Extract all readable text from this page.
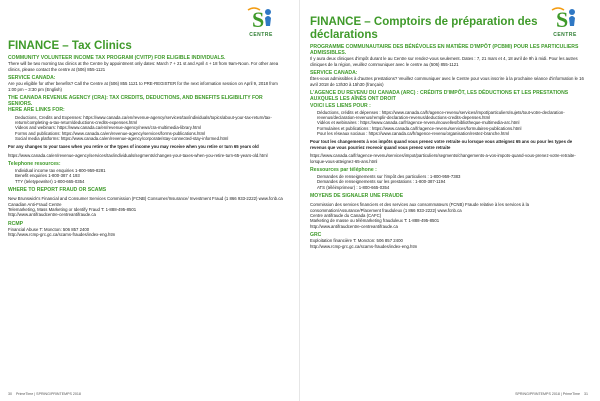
S
CENTRE
FINANCE – Tax Clinics
COMMUNITY VOLUNTEER INCOME TAX PROGRAM (CVITP) FOR ELIGIBLE INDIVIDUALS.

There will be two morning tax clinics at the Centre by appointment only dates: March 7 + 21 st and April 4 + 18 from 9am-Noon. For other area clinics, please contact the centre at (506) 855-1121

SERVICE CANADA:

Are you eligible for other benefits? Call the Centre at (506) 855 1121 to PRE-REGISTER for the next information session on April 9, 2018 from 1:00 pm – 3:30 pm (English)

THE CANADA REVENUE AGENCY (CRA): TAX CREDITS, DEDUCTIONS, AND BENEFITS ELIGIBILITY FOR SENIORS.
HERE ARE LINKS FOR:
• Deductions, Credits and Expenses: https://www.canada.ca/en/revenue-agency/services/tax/individuals/topics/about-your-tax-return/tax-return/completing-a-tax-return/deductions-credits-expenses.html
• Videos and webinars: https://www.canada.ca/en/revenue-agency/news/cra-multimedia-library.html
• Forms and publications: https://www.canada.ca/en/revenue-agency/services/forms-publications.html
• Social media platforms: https://www.canada.ca/en/revenue-agency/corporate/stay-connected-stay-informed.html

For any changes to your taxes when you retire or the types of income you may receive when you retire or turn 65 years old

https://www.canada.ca/en/revenue-agency/services/tax/individuals/segments/changes-your-taxes-when-you-retire-turn-65-years-old.html

Telephone resources:
• Individual income tax enquiries 1-800-959-8281
• Benefit enquiries 1-800-387 4 193
• TTY (teletypewriter) 1-800-665-0354
WHERE TO REPORT FRAUD OR SCAMS

New Brunswick's Financial and Consumer Services Commission (FCNB) Consumer/Insurance/ Investment Fraud (1 866 933-2222) www.fcnb.ca

Canadian Anti-Fraud Centre

Telemarketing, Mass Marketing or Identify Fraud T: 1-888-495-8501

http://www.antifraudcentre-centreantifraude.ca

RCMP

Financial Abuse T: Moncton: 506 857 2400

http://www.rcmp-grc.gc.ca/scams-fraudes/index-eng.htm

30 PrimeTime | SPRING/PRINTEMPS 2018
S
CENTRE
FINANCE – Comptoirs de préparation des déclarations
PROGRAMME COMMUNAUTAIRE DES BÉNÉVOLES EN MATIÈRE D'IMPÔT (PCBMI) POUR LES PARTICULIERS ADMISSIBLES.

Il y aura deux cliniques d'impôt durant le au Centre sur rendez-vous seulement. Dates : 7, 21 mars et 4, 18 avril de 9h à midi. Pour les autres cliniques de la région, veuillez communiquer avec le centre au (506) 855-1121

SERVICE CANADA:

Êtes-vous admissibles à d'autres prestations? Veuillez communiquer avec le Centre pour vous inscrire à la prochaine séance d'information le 16 avril 2018 de 13h30 à 15h30 (français)

L'AGENCE DU REVENU DU CANADA (ARC) : CRÉDITS D'IMPÔT, LES DÉDUCTIONS ET LES PRESTATIONS AUXQUELS LES AÎNÉS ONT DROIT
VOICI LES LIENS POUR :
• Déductions, crédits et dépenses : https://www.canada.ca/fr/agence-revenu/services/impot/particuliers/sujets/tout-votre-declaration-revenus/declaration-revenus/remplir-declaration-revenus/deductions-credits-depenses.html
• Vidéos et webinaires : https://www.canada.ca/fr/agence-revenu/nouvelles/bibliotheque-multimedia-arc.html
• Formulaires et publications : https://www.canada.ca/fr/agence-revenu/services/formulaires-publications.html
• Pour les réseaux sociaux : https://www.canada.ca/fr/agence-revenu/organisation/restez-branche.html

Pour tout les changements à vos impôts quand vous prenez votre retraite ou lorsque vous atteignez 65 ans ou pour les types de revenus que vous pourriez recevoir quand vous prenez votre retraite

https://www.canada.ca/fr/agence-revenu/services/impot/particuliers/segments/changements-a-vos-impots-quand-vous-prenez-votre-retraite-lorsque-vous-atteignez-65-ans.html

Ressources par téléphone :
• Demandes de renseignements sur l'impôt des particuliers : 1-800-959-7383
• Demandes de renseignements sur les prestations : 1-800-387-1194
• ATS (téléimprimeur) : 1-800-665-0354
MOYENS DE SIGNALER UNE FRAUDE

Commission des services financiers et des services aux consommateurs (FCNB) Fraude relative à les services à la consommation/Assurance/Placement frauduleux (1 866 933-2222) www.fcnb.ca

Centre antifraude du Canada (CAFC)

Marketing de masse ou télémarketing frauduleux T: 1-888-495-8501

http://www.antifraudcentre-centreantifraude.ca

GRC

Exploitation financière T: Moncton: 506 857 2400

http://www.rcmp-grc.gc.ca/scams-fraudes/index-eng.htm

SPRING/PRINTEMPS 2018 | PrimeTime 31
